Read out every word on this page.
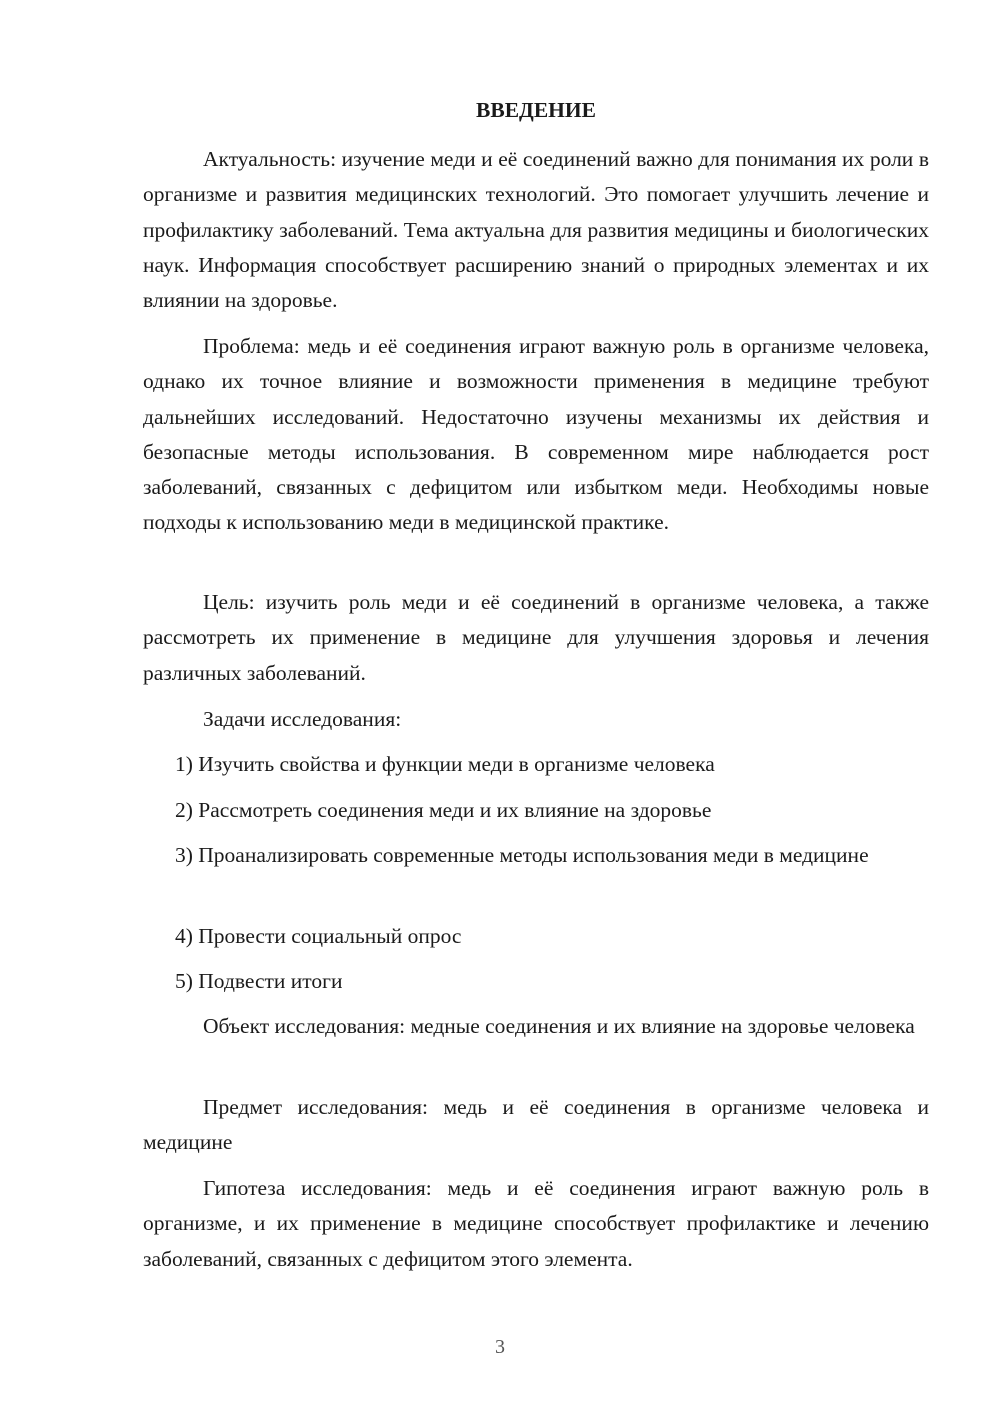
ВВЕДЕНИЕ

Актуальность: изучение меди и её соединений важно для понимания их роли в организме и развития медицинских технологий. Это помогает улучшить лечение и профилактику заболеваний. Тема актуальна для развития медицины и биологических наук. Информация способствует расширению знаний о природных элементах и их влиянии на здоровье.

Проблема: медь и её соединения играют важную роль в организме человека, однако их точное влияние и возможности применения в медицине требуют дальнейших исследований. Недостаточно изучены механизмы их действия и безопасные методы использования. В современном мире наблюдается рост заболеваний, связанных с дефицитом или избытком меди. Необходимы новые подходы к использованию меди в медицинской практике.

Цель: изучить роль меди и её соединений в организме человека, а также рассмотреть их применение в медицине для улучшения здоровья и лечения различных заболеваний.

Задачи исследования:

1) Изучить свойства и функции меди в организме человека

2) Рассмотреть соединения меди и их влияние на здоровье

3) Проанализировать современные методы использования меди в медицине

4) Провести социальный опрос

5) Подвести итоги

Объект исследования: медные соединения и их влияние на здоровье человека

Предмет исследования: медь и её соединения в организме человека и медицине

Гипотеза исследования: медь и её соединения играют важную роль в организме, и их применение в медицине способствует профилактике и лечению заболеваний, связанных с дефицитом этого элемента.

3
